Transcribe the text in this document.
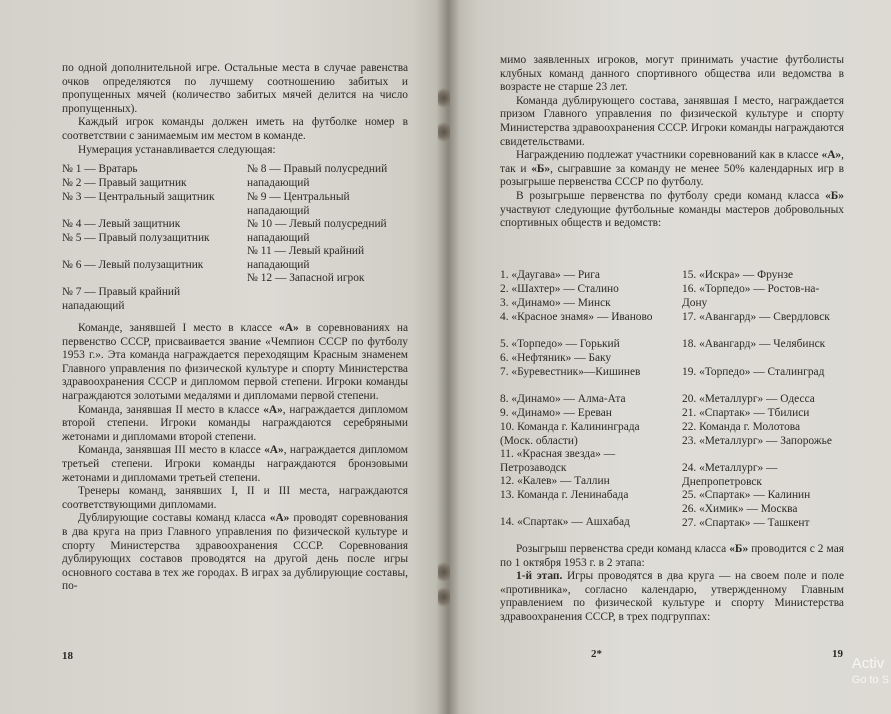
по одной дополнительной игре. Остальные места в случае равенства очков определяются по лучшему соотношению забитых и пропущенных мячей (количество забитых мячей делится на число пропущенных).

Каждый игрок команды должен иметь на футболке номер в соответствии с занимаемым им местом в команде.

Нумерация устанавливается следующая:

№ 1 — Вратарь
№ 2 — Правый защитник
№ 3 — Центральный защитник
№ 4 — Левый защитник
№ 5 — Правый полузащитник
№ 6 — Левый полузащитник
№ 7 — Правый крайний нападающий
№ 8 — Правый полусредний нападающий
№ 9 — Центральный нападающий
№ 10 — Левый полусредний нападающий
№ 11 — Левый крайний нападающий
№ 12 — Запасной игрок

Команде, занявшей I место в классе «А» в соревнованиях на первенство СССР, присваивается звание «Чемпион СССР по футболу 1953 г.». Эта команда награждается переходящим Красным знаменем Главного управления по физической культуре и спорту Министерства здравоохранения СССР и дипломом первой степени. Игроки команды награждаются золотыми медалями и дипломами первой степени.

Команда, занявшая II место в классе «А», награждается дипломом второй степени. Игроки команды награждаются серебряными жетонами и дипломами второй степени.

Команда, занявшая III место в классе «А», награждается дипломом третьей степени. Игроки команды награждаются бронзовыми жетонами и дипломами третьей степени.

Тренеры команд, занявших I, II и III места, награждаются соответствующими дипломами.

Дублирующие составы команд класса «А» проводят соревнования в два круга на приз Главного управления по физической культуре и спорту Министерства здравоохранения СССР. Соревнования дублирующих составов проводятся на другой день после игры основного состава в тех же городах. В играх за дублирующие составы, по-

18

мимо заявленных игроков, могут принимать участие футболисты клубных команд данного спортивного общества или ведомства в возрасте не старше 23 лет.

Команда дублирующего состава, занявшая I место, награждается призом Главного управления по физической культуре и спорту Министерства здравоохранения СССР. Игроки команды награждаются свидетельствами.

Награждению подлежат участники соревнований как в классе «А», так и «Б», сыгравшие за команду не менее 50% календарных игр в розыгрыше первенства СССР по футболу.

В розыгрыше первенства по футболу среди команд класса «Б» участвуют следующие футбольные команды мастеров добровольных спортивных обществ и ведомств:

1. «Даугава» — Рига
2. «Шахтер» — Сталино
3. «Динамо» — Минск
4. «Красное знамя» — Иваново
5. «Торпедо» — Горький
6. «Нефтяник» — Баку
7. «Буревестник»—Кишинев
8. «Динамо» — Алма-Ата
9. «Динамо» — Ереван
10. Команда г. Калининграда (Моск. области)
11. «Красная звезда» — Петрозаводск
12. «Калев» — Таллин
13. Команда г. Ленинабада
14. «Спартак» — Ашхабад
15. «Искра» — Фрунзе
16. «Торпедо» — Ростов-на-Дону
17. «Авангард» — Свердловск
18. «Авангард» — Челябинск
19. «Торпедо» — Сталинград
20. «Металлург» — Одесса
21. «Спартак» — Тбилиси
22. Команда г. Молотова
23. «Металлург» — Запорожье
24. «Металлург» — Днепропетровск
25. «Спартак» — Калинин
26. «Химик» — Москва
27. «Спартак» — Ташкент

Розыгрыш первенства среди команд класса «Б» проводится с 2 мая по 1 октября 1953 г. в 2 этапа:

1-й этап. Игры проводятся в два круга — на своем поле и поле «противника», согласно календарю, утвержденному Главным управлением по физической культуре и спорту Министерства здравоохранения СССР, в трех подгруппах:

2*	19
Activ
Go to S
